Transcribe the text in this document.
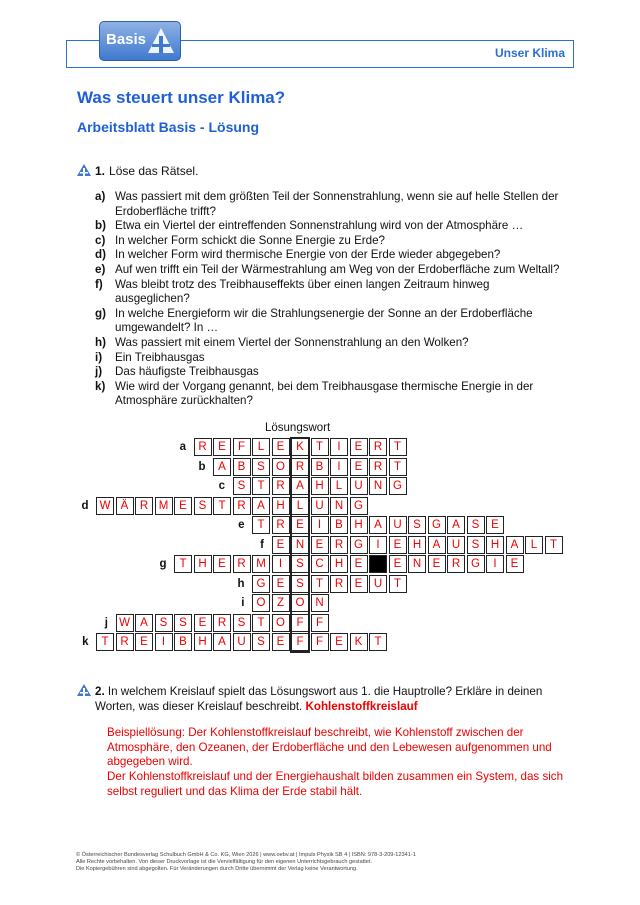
Unser Klima
Basis
Was steuert unser Klima?
Arbeitsblatt Basis - Lösung
1. Löse das Rätsel.
a) Was passiert mit dem größten Teil der Sonnenstrahlung, wenn sie auf helle Stellen der Erdoberfläche trifft?
b) Etwa ein Viertel der eintreffenden Sonnenstrahlung wird von der Atmosphäre …
c) In welcher Form schickt die Sonne Energie zu Erde?
d) In welcher Form wird thermische Energie von der Erde wieder abgegeben?
e) Auf wen trifft ein Teil der Wärmestrahlung am Weg von der Erdoberfläche zum Weltall?
f)	Was bleibt trotz des Treibhauseffekts über einen langen Zeitraum hinweg ausgeglichen?
g) In welche Energieform wir die Strahlungsenergie der Sonne an der Erdoberfläche umgewandelt? In …
h) Was passiert mit einem Viertel der Sonnenstrahlung an den Wolken?
i)	Ein Treibhausgas
j)	Das häufigste Treibhausgas
k) Wie wird der Vorgang genannt, bei dem Treibhausgase thermische Energie in der Atmosphäre zurückhalten?
Lösungswort
a	R	E	F	L	E	K	T	I	E	R	T
b	A	B	S O R	B	I	E	R	T
c	S	T	R	A	H	L	U N G
d W Ä	R M E	S	T	R	A	H	L	U N G
e	T	R	E	I	B	H	A	U	S G A	S	E
f	E	N	E	R G	I	E	H	A	U	S	H	A	L	T
g	T	H	E	R M	I	S	C H	E	E	N	E	R G	I	E
h	G E	S	T	R	E	U	T
i	O	Z	O N
j W A	S	S	E	R	S	T	O	F	F
k	T	R	E	I	B	H	A	U	S	E	F	F	E	K	T
2. In welchem Kreislauf spielt das Lösungswort aus 1. die Hauptrolle? Erkläre in deinen Worten, was dieser Kreislauf beschreibt. Kohlenstoffkreislauf
Beispiellösung: Der Kohlenstoffkreislauf beschreibt, wie Kohlenstoff zwischen der Atmosphäre, den Ozeanen, der Erdoberfläche und den Lebewesen aufgenommen und abgegeben wird.
Der Kohlenstoffkreislauf und der Energiehaushalt bilden zusammen ein System, das sich selbst reguliert und das Klima der Erde stabil hält.
© Österreichischer Bundesverlag Schulbuch GmbH & Co. KG, Wien 2026 | www.oebv.at | Impuls Physik SB 4 | ISBN: 978-3-209-12341-1
Alle Rechte vorbehalten. Von dieser Druckvorlage ist die Vervielfältigung für den eigenen Unterrichtsgebrauch gestattet.
Die Kopiergebühren sind abgegolten. Für Veränderungen durch Dritte übernimmt der Verlag keine Verantwortung.
